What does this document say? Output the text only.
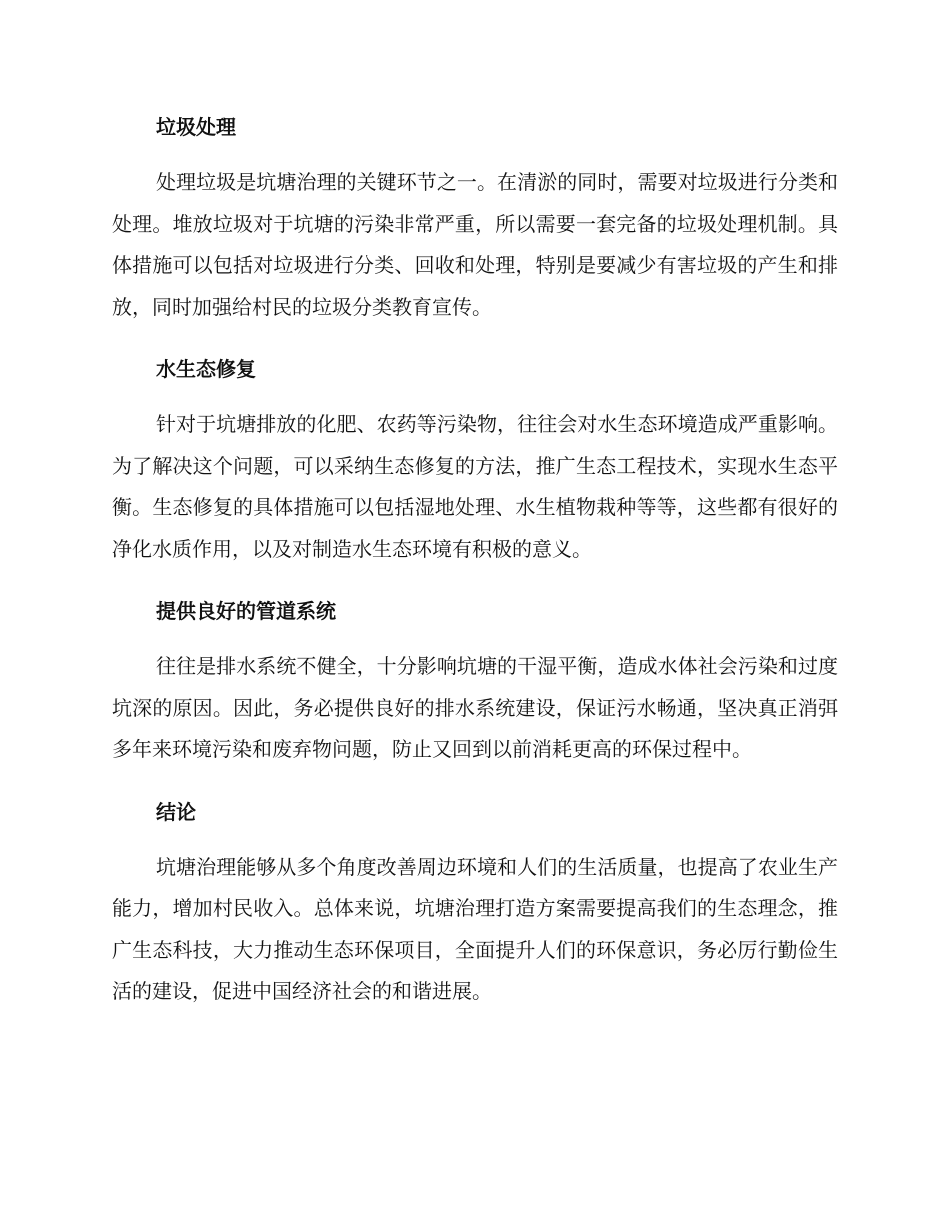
垃圾处理

处理垃圾是坑塘治理的关键环节之一。在清淤的同时，需要对垃圾进行分类和处理。堆放垃圾对于坑塘的污染非常严重，所以需要一套完备的垃圾处理机制。具体措施可以包括对垃圾进行分类、回收和处理，特别是要减少有害垃圾的产生和排放，同时加强给村民的垃圾分类教育宣传。

水生态修复

针对于坑塘排放的化肥、农药等污染物，往往会对水生态环境造成严重影响。为了解决这个问题，可以采纳生态修复的方法，推广生态工程技术，实现水生态平衡。生态修复的具体措施可以包括湿地处理、水生植物栽种等等，这些都有很好的净化水质作用，以及对制造水生态环境有积极的意义。

提供良好的管道系统

往往是排水系统不健全，十分影响坑塘的干湿平衡，造成水体社会污染和过度坑深的原因。因此，务必提供良好的排水系统建设，保证污水畅通，坚决真正消弭多年来环境污染和废弃物问题，防止又回到以前消耗更高的环保过程中。

结论

坑塘治理能够从多个角度改善周边环境和人们的生活质量，也提高了农业生产能力，增加村民收入。总体来说，坑塘治理打造方案需要提高我们的生态理念，推广生态科技，大力推动生态环保项目，全面提升人们的环保意识，务必厉行勤俭生活的建设，促进中国经济社会的和谐进展。
